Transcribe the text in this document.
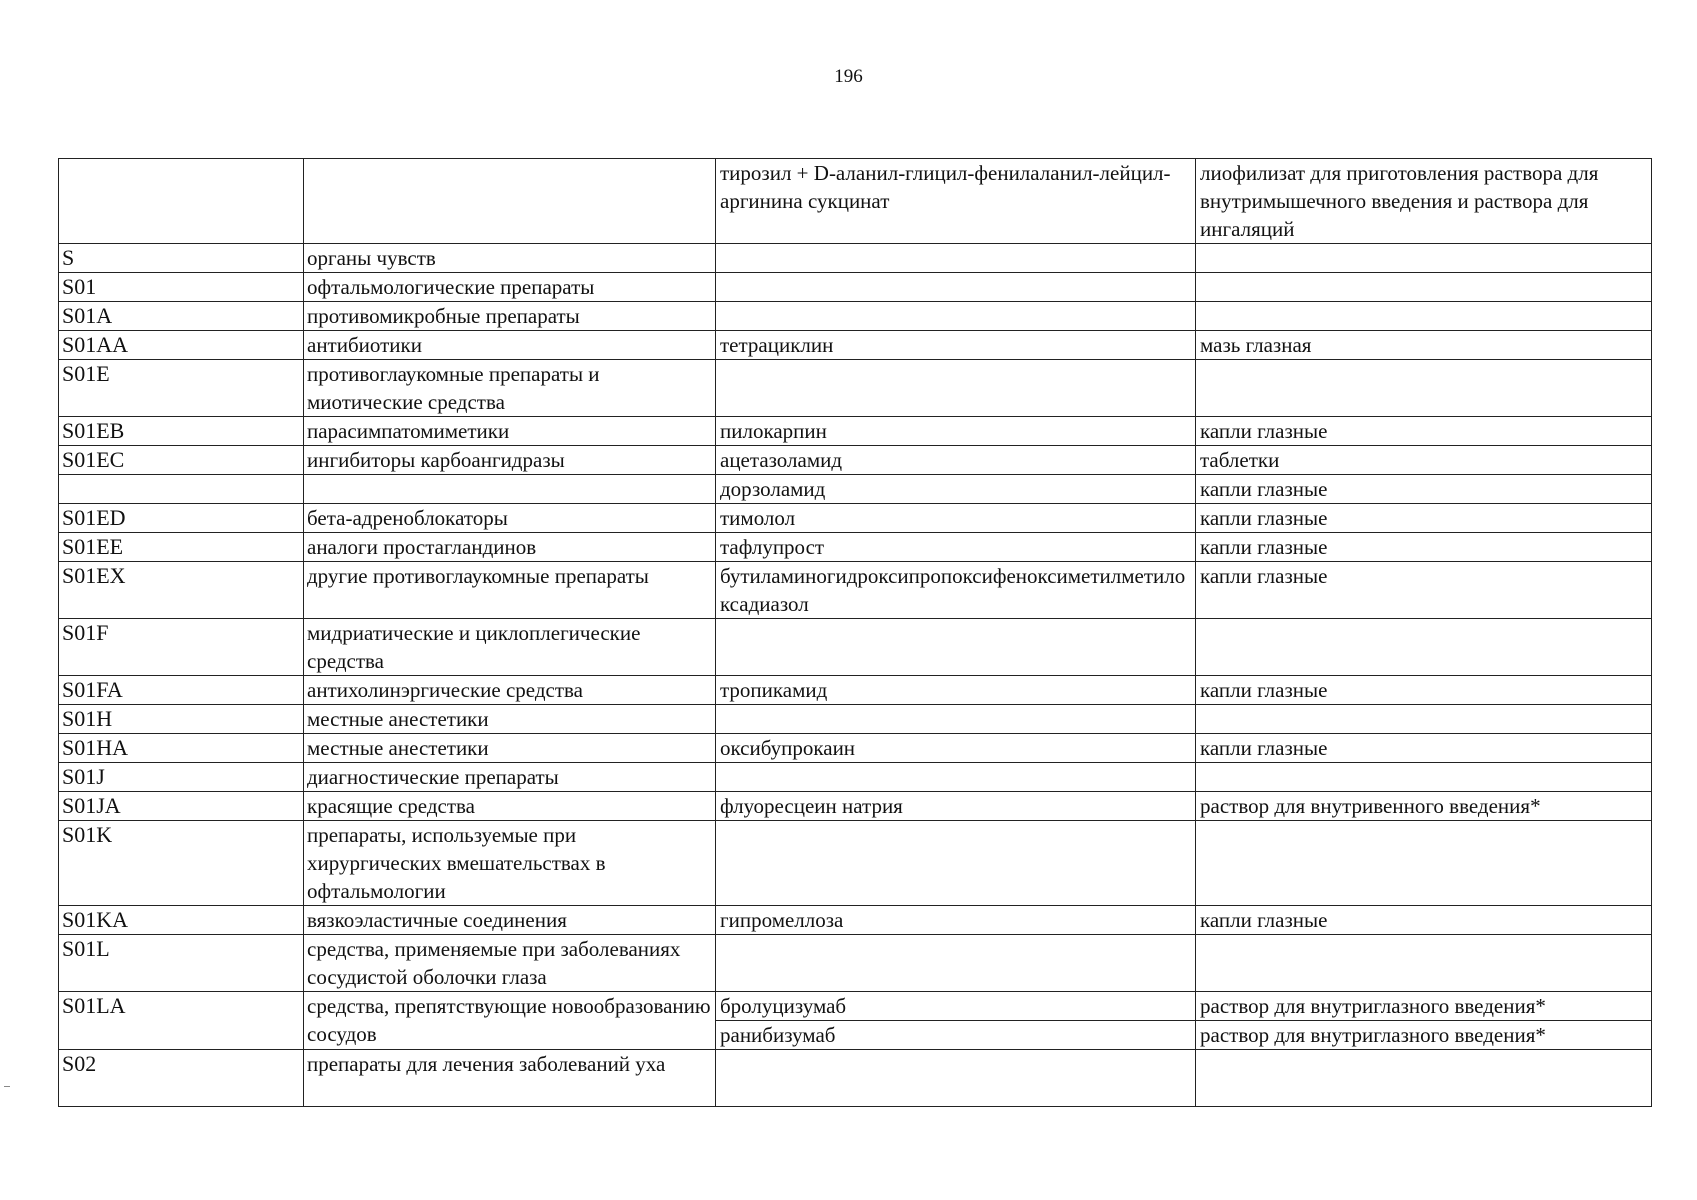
196
		тирозил + D-аланил-глицил-фенилаланил-лейцил-аргинина сукцинат	лиофилизат для приготовления раствора для внутримышечного введения и раствора для ингаляций
S	органы чувств		
S01	офтальмологические препараты		
S01A	противомикробные препараты		
S01AA	антибиотики	тетрациклин	мазь глазная
S01E	противоглаукомные препараты и миотические средства		
S01EB	парасимпатомиметики	пилокарпин	капли глазные
S01EC	ингибиторы карбоангидразы	ацетазоламид	таблетки
		дорзоламид	капли глазные
S01ED	бета-адреноблокаторы	тимолол	капли глазные
S01EE	аналоги простагландинов	тафлупрост	капли глазные
S01EX	другие противоглаукомные препараты	бутиламиногидроксипропоксифеноксиметилметилоксадиазол	капли глазные
S01F	мидриатические и циклоплегические средства		
S01FA	антихолинэргические средства	тропикамид	капли глазные
S01H	местные анестетики		
S01HA	местные анестетики	оксибупрокаин	капли глазные
S01J	диагностические препараты		
S01JA	красящие средства	флуоресцеин натрия	раствор для внутривенного введения*
S01K	препараты, используемые при хирургических вмешательствах в офтальмологии		
S01KA	вязкоэластичные соединения	гипромеллоза	капли глазные
S01L	средства, применяемые при заболеваниях сосудистой оболочки глаза		
S01LA	средства, препятствующие новообразованию сосудов	бролуцизумаб	раствор для внутриглазного введения*
		ранибизумаб	раствор для внутриглазного введения*
S02	препараты для лечения заболеваний уха		
